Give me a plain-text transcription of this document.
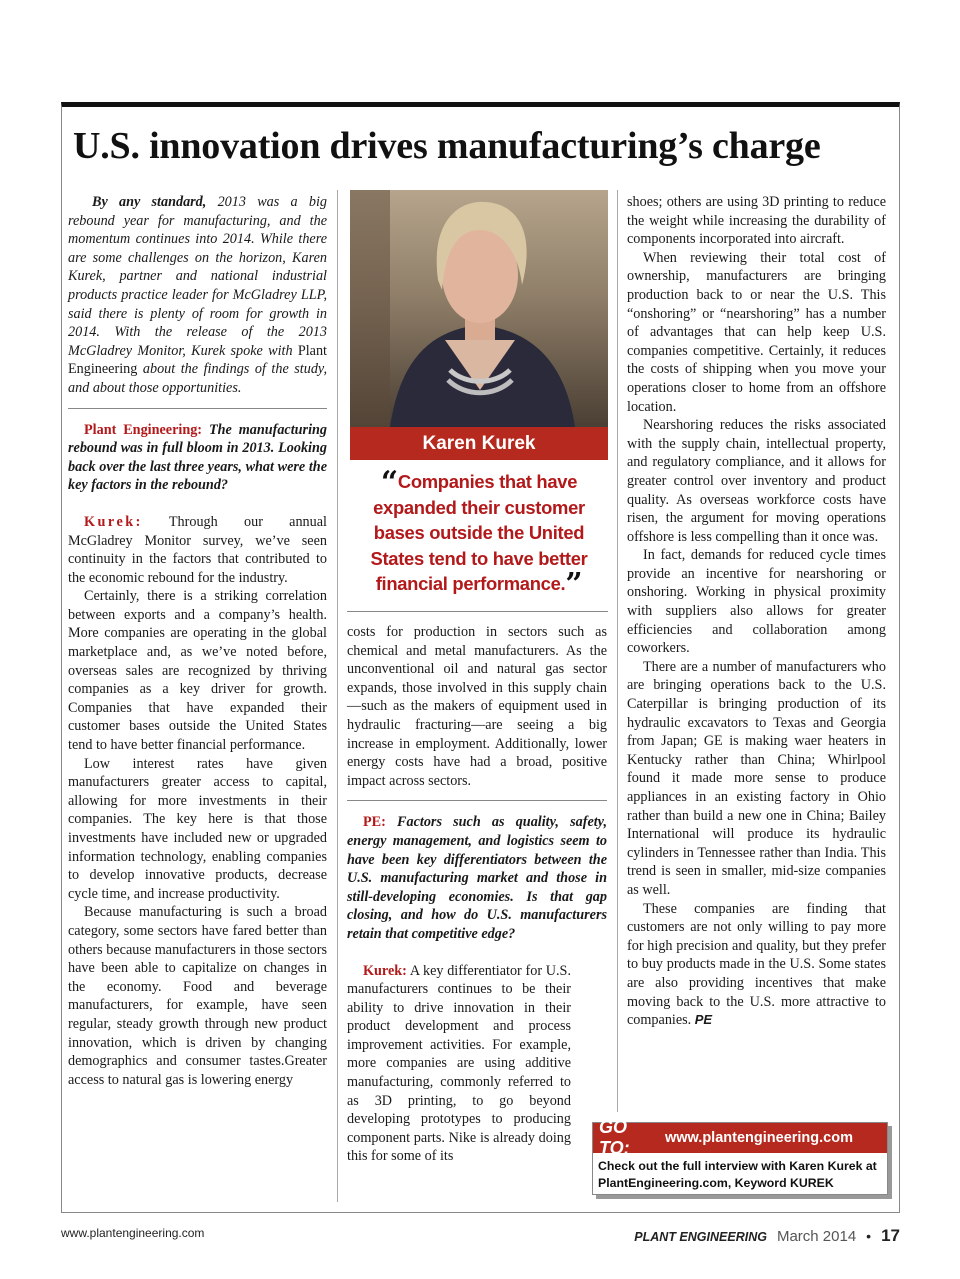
U.S. innovation drives manufacturing’s charge

By any standard, 2013 was a big rebound year for manufacturing, and the momentum continues into 2014. While there are some challenges on the horizon, Karen Kurek, partner and national industrial products practice leader for McGladrey LLP, said there is plenty of room for growth in 2014. With the release of the 2013 McGladrey Monitor, Kurek spoke with Plant Engineering about the findings of the study, and about those opportunities.

Plant Engineering: The manufacturing rebound was in full bloom in 2013. Looking back over the last three years, what were the key factors in the rebound?

Kurek: Through our annual McGladrey Monitor survey, we’ve seen continuity in the factors that contributed to the economic rebound for the industry.

Certainly, there is a striking correlation between exports and a company’s health. More companies are operating in the global marketplace and, as we’ve noted before, overseas sales are recognized by thriving companies as a key driver for growth. Companies that have expanded their customer bases outside the United States tend to have better financial performance.

Low interest rates have given manufacturers greater access to capital, allowing for more investments in their companies. The key here is that those investments have included new or upgraded information technology, enabling companies to develop innovative products, decrease cycle time, and increase productivity.

Because manufacturing is such a broad category, some sectors have fared better than others because manufacturers in those sectors have been able to capitalize on changes in the economy. Food and beverage manufacturers, for example, have seen regular, steady growth through new product innovation, which is driven by changing demographics and consumer tastes.Greater access to natural gas is lowering energy

Karen Kurek
“Companies that have expanded their customer bases outside the United States tend to have better financial performance.”

costs for production in sectors such as chemical and metal manufacturers. As the unconventional oil and natural gas sector expands, those involved in this supply chain—such as the makers of equipment used in hydraulic fracturing—are seeing a big increase in employment. Additionally, lower energy costs have had a broad, positive impact across sectors.

PE: Factors such as quality, safety, energy management, and logistics seem to have been key differentiators between the U.S. manufacturing market and those in still-developing economies. Is that gap closing, and how do U.S. manufacturers retain that competitive edge?

Kurek: A key differentiator for U.S. manufacturers continues to be their ability to drive innovation in their product development and process improvement activities. For example, more companies are using additive manufacturing, commonly referred to as 3D printing, to go beyond developing prototypes to producing component parts. Nike is already doing this for some of its

shoes; others are using 3D printing to reduce the weight while increasing the durability of components incorporated into aircraft.

When reviewing their total cost of ownership, manufacturers are bringing production back to or near the U.S. This “onshoring” or “nearshoring” has a number of advantages that can help keep U.S. companies competitive. Certainly, it reduces the costs of shipping when you move your operations closer to home from an offshore location.

Nearshoring reduces the risks associated with the supply chain, intellectual property, and regulatory compliance, and it allows for greater control over inventory and product quality. As overseas workforce costs have risen, the argument for moving operations offshore is less compelling than it once was.

In fact, demands for reduced cycle times provide an incentive for nearshoring or onshoring. Working in physical proximity with suppliers also allows for greater efficiencies and collaboration among coworkers.

There are a number of manufacturers who are bringing operations back to the U.S. Caterpillar is bringing production of its hydraulic excavators to Texas and Georgia from Japan; GE is making waer heaters in Kentucky rather than China; Whirlpool found it made more sense to produce appliances in an existing factory in Ohio rather than build a new one in China; Bailey International will produce its hydraulic cylinders in Tennessee rather than India. This trend is seen in smaller, mid-size companies as well.

These companies are finding that customers are not only willing to pay more for high precision and quality, but they prefer to buy products made in the U.S. Some states are also providing incentives that make moving back to the U.S. more attractive to companies. PE

GO TO:	www.plantengineering.com
Check out the full interview with Karen Kurek at PlantEngineering.com, Keyword KUREK
www.plantengineering.com	PLANT ENGINEERING March 2014 • 17
